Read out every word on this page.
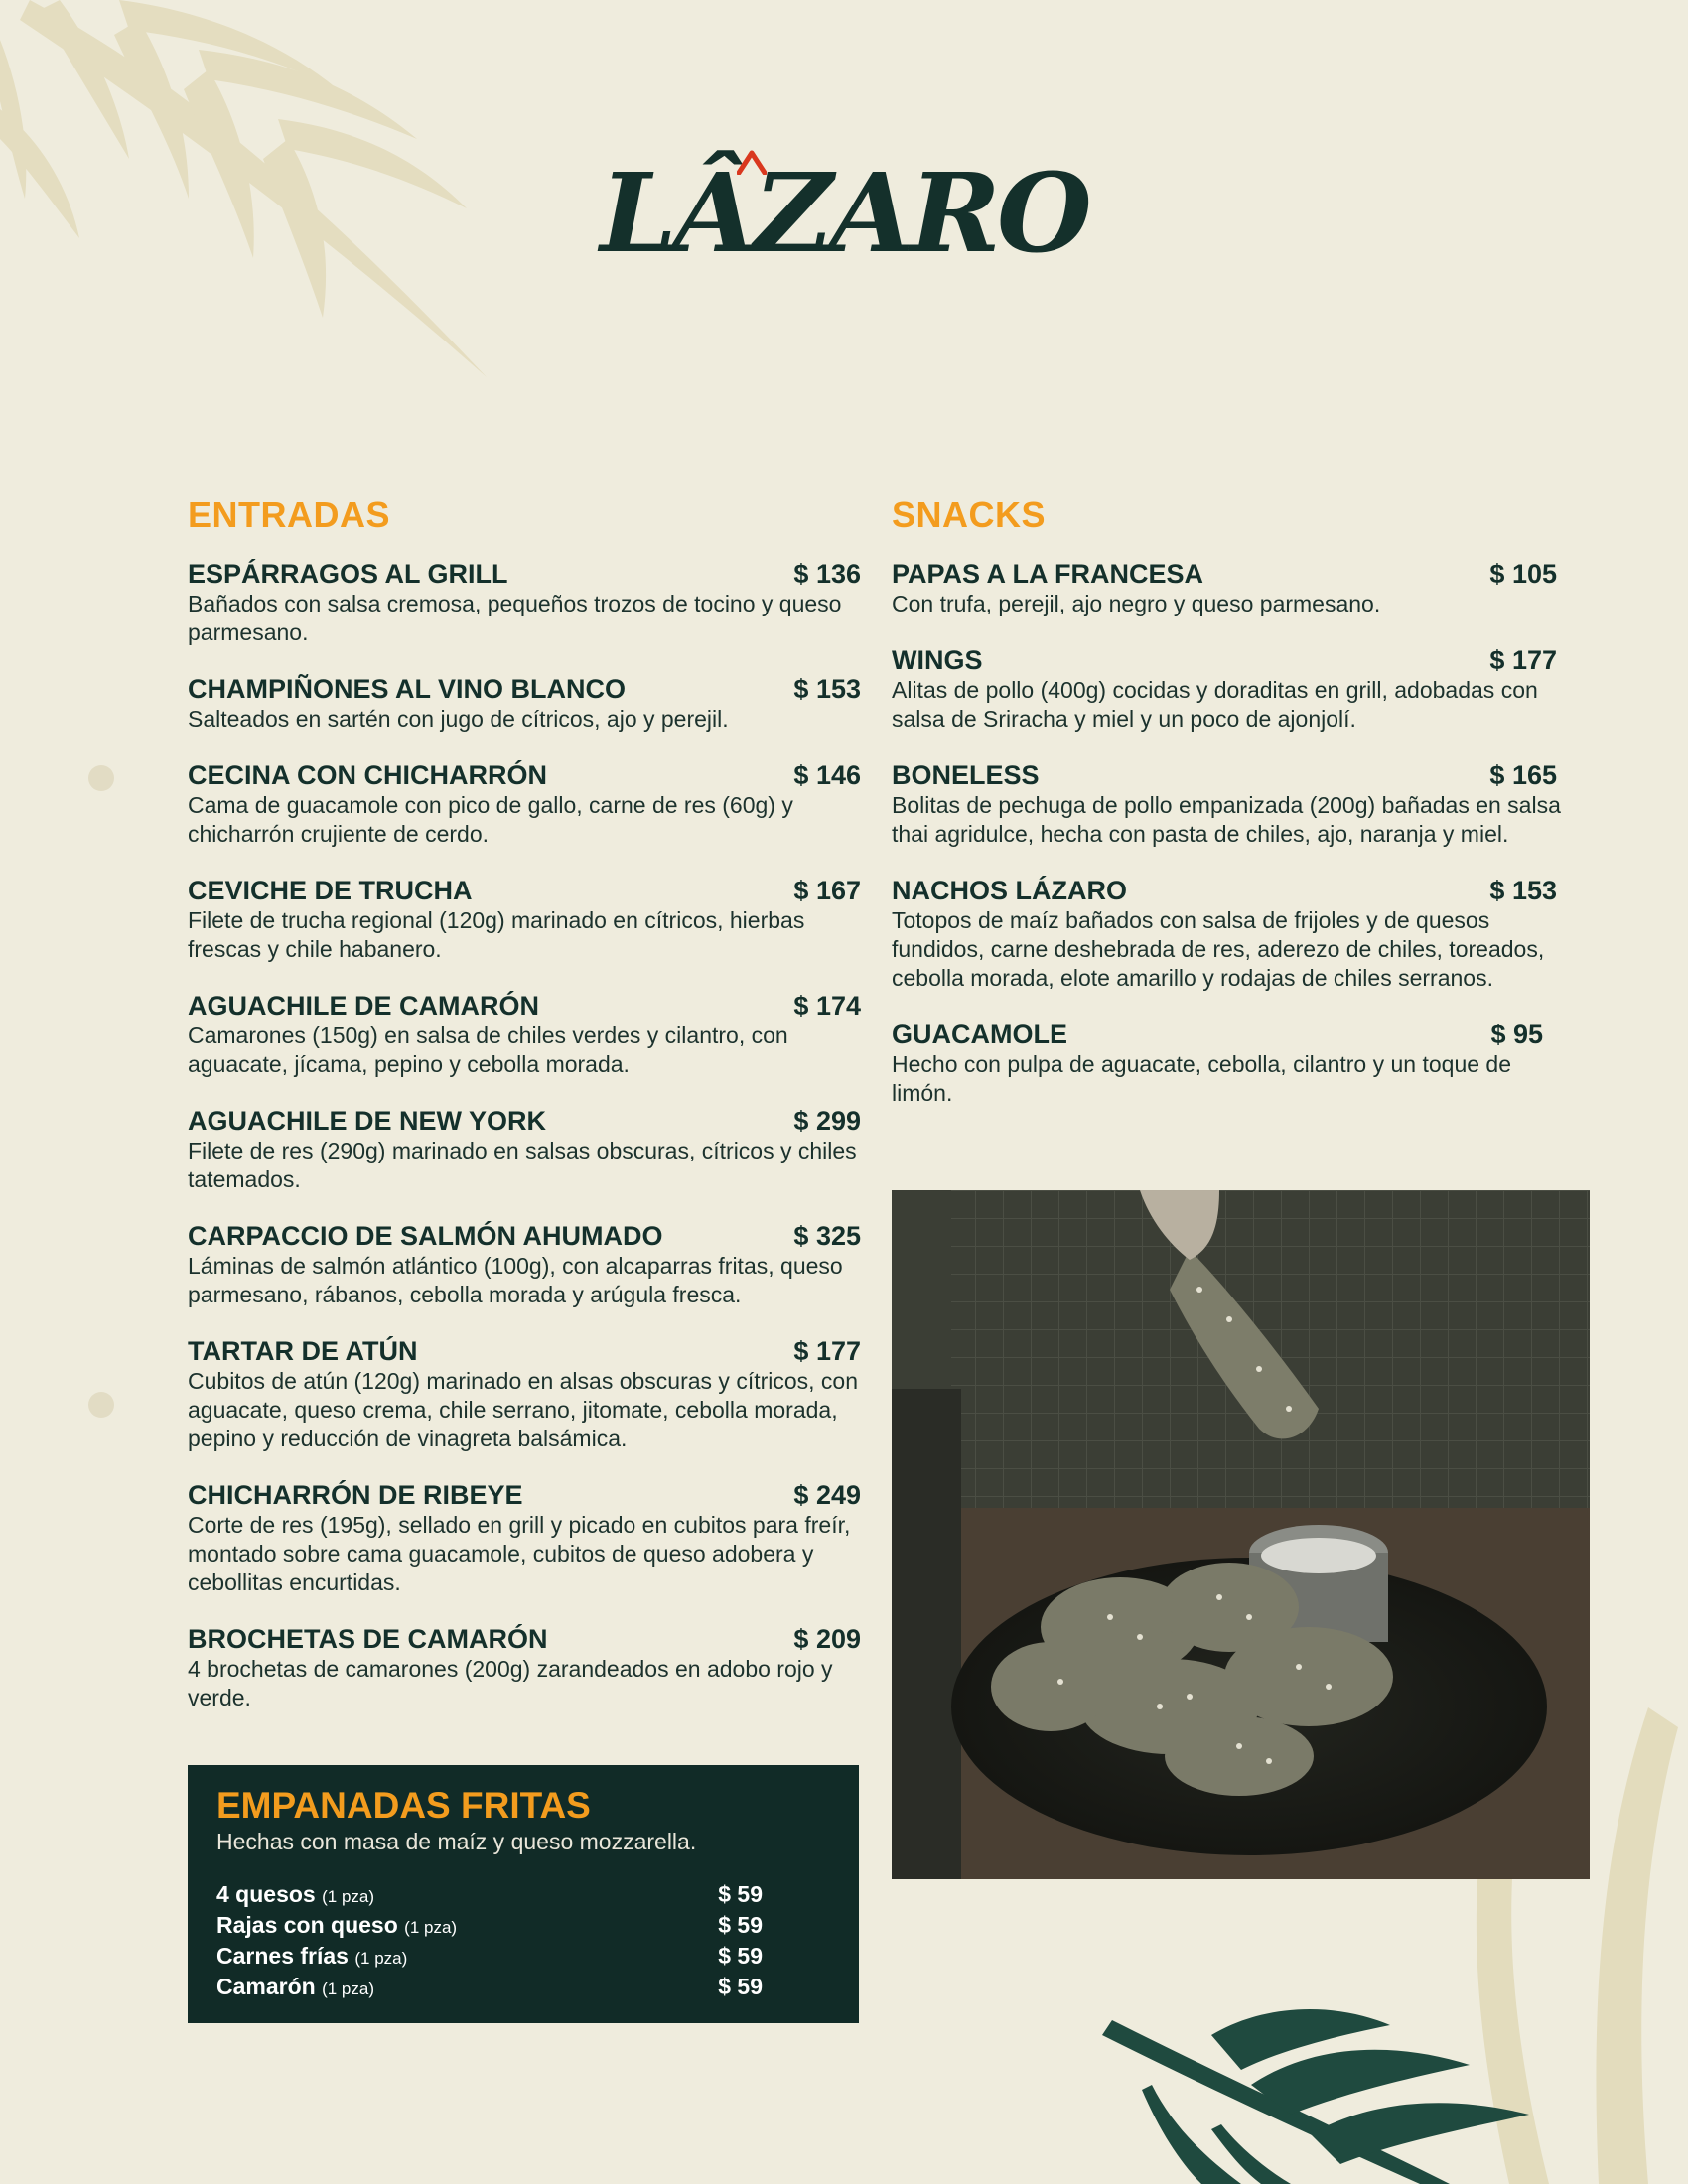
LÂZARO
ENTRADAS
ESPÁRRAGOS AL GRILL	$ 136
Bañados con salsa cremosa, pequeños trozos de tocino y queso parmesano.
CHAMPIÑONES AL VINO BLANCO	$ 153
Salteados en sartén con jugo de cítricos, ajo y perejil.
CECINA CON CHICHARRÓN	$ 146
Cama de guacamole con pico de gallo, carne de res (60g) y chicharrón crujiente de cerdo.
CEVICHE DE TRUCHA	$ 167
Filete de trucha regional (120g) marinado en cítricos, hierbas frescas y chile habanero.
AGUACHILE DE CAMARÓN	$ 174
Camarones (150g) en salsa de chiles verdes y cilantro, con aguacate, jícama, pepino y cebolla morada.
AGUACHILE DE NEW YORK	$ 299
Filete de res (290g) marinado en salsas obscuras, cítricos y chiles tatemados.
CARPACCIO DE SALMÓN AHUMADO	$ 325
Láminas de salmón atlántico (100g), con alcaparras fritas, queso parmesano, rábanos, cebolla morada y arúgula fresca.
TARTAR DE ATÚN	$ 177
Cubitos de atún (120g) marinado en alsas obscuras y cítricos, con aguacate, queso crema, chile serrano, jitomate, cebolla morada, pepino y reducción de vinagreta balsámica.
CHICHARRÓN DE RIBEYE	$ 249
Corte de res (195g), sellado en grill y picado en cubitos para freír, montado sobre cama guacamole, cubitos de queso adobera y cebollitas encurtidas.
BROCHETAS DE CAMARÓN	$ 209
4 brochetas de camarones (200g) zarandeados en adobo rojo y verde.
SNACKS
PAPAS A LA FRANCESA	$ 105
Con trufa, perejil, ajo negro y queso parmesano.
WINGS	$ 177
Alitas de pollo (400g) cocidas y doraditas en grill, adobadas con salsa de Sriracha y miel y un poco de ajonjolí.
BONELESS	$ 165
Bolitas de pechuga de pollo empanizada (200g) bañadas en salsa thai agridulce, hecha con pasta de chiles, ajo, naranja y miel.
NACHOS LÁZARO	$ 153
Totopos de maíz bañados con salsa de frijoles y de quesos fundidos, carne deshebrada de res, aderezo de chiles, toreados, cebolla morada, elote amarillo y rodajas de chiles serranos.
GUACAMOLE	$ 95
Hecho con pulpa de aguacate, cebolla, cilantro y un toque de limón.
EMPANADAS FRITAS
Hechas con masa de maíz y queso mozzarella.
4 quesos (1 pza)	$ 59
Rajas con queso (1 pza)	$ 59
Carnes frías (1 pza)	$ 59
Camarón (1 pza)	$ 59
